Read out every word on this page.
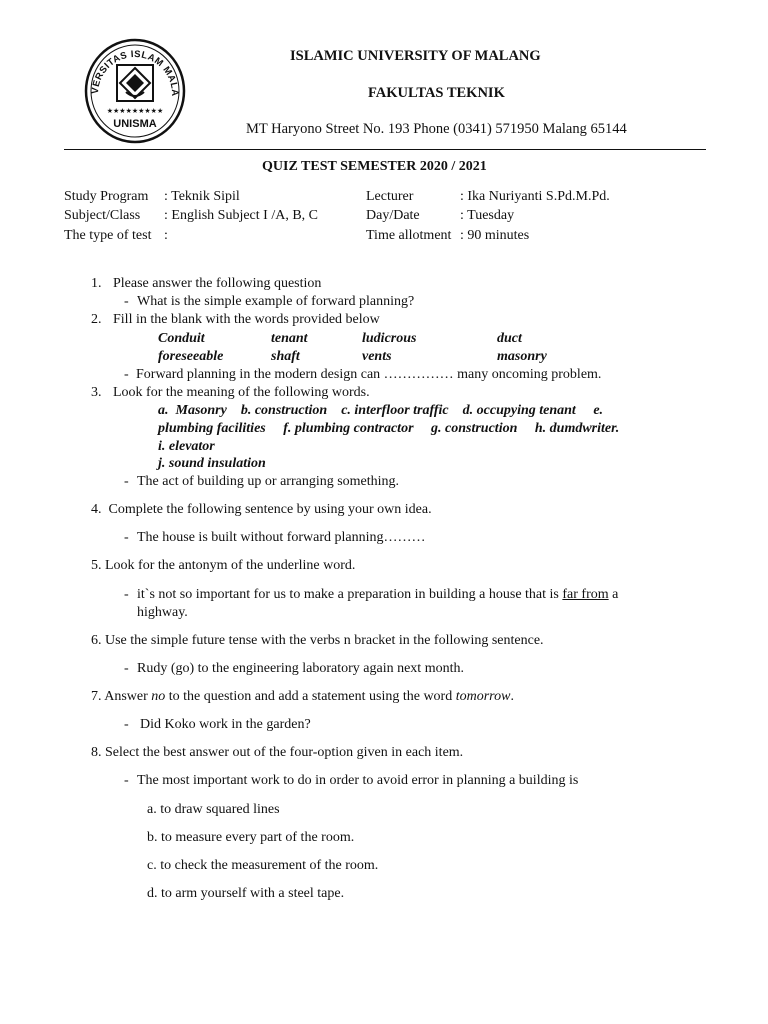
VERSITAS ISLAM MALA
★★★★★★★★★
UNISMA
ISLAMIC UNIVERSITY OF MALANG
FAKULTAS TEKNIK
MT Haryono Street No. 193 Phone (0341) 571950 Malang 65144
QUIZ TEST SEMESTER 2020 / 2021
Study Program : Teknik Sipil
Subject/Class : English Subject I /A, B, C
The type of test :
Lecturer	: Ika Nuriyanti S.Pd.M.Pd.
Day/Date	: Tuesday
Time allotment : 90 minutes
1. Please answer the following question
- What is the simple example of forward planning?
2. Fill in the blank with the words provided below
Conduit	tenant	ludicrous	duct
foreseeable	shaft	vents	masonry
- Forward planning in the modern design can …………… many oncoming problem.
3. Look for the meaning of the following words.
a.  Masonry    b. construction    c. interfloor traffic    d. occupying tenant     e.
plumbing facilities     f. plumbing contractor     g. construction     h. dumdwriter.
i. elevator
j. sound insulation
- The act of building up or arranging something.
4.  Complete the following sentence by using your own idea.
- The house is built without forward planning………
5. Look for the antonym of the underline word.
- it`s not so important for us to make a preparation in building a house that is far from a
highway.
6. Use the simple future tense with the verbs n bracket in the following sentence.
- Rudy (go) to the engineering laboratory again next month.
7. Answer no to the question and add a statement using the word tomorrow.
- Did Koko work in the garden?
8. Select the best answer out of the four-option given in each item.
- The most important work to do in order to avoid error in planning a building is
a. to draw squared lines
b. to measure every part of the room.
c. to check the measurement of the room.
d. to arm yourself with a steel tape.
